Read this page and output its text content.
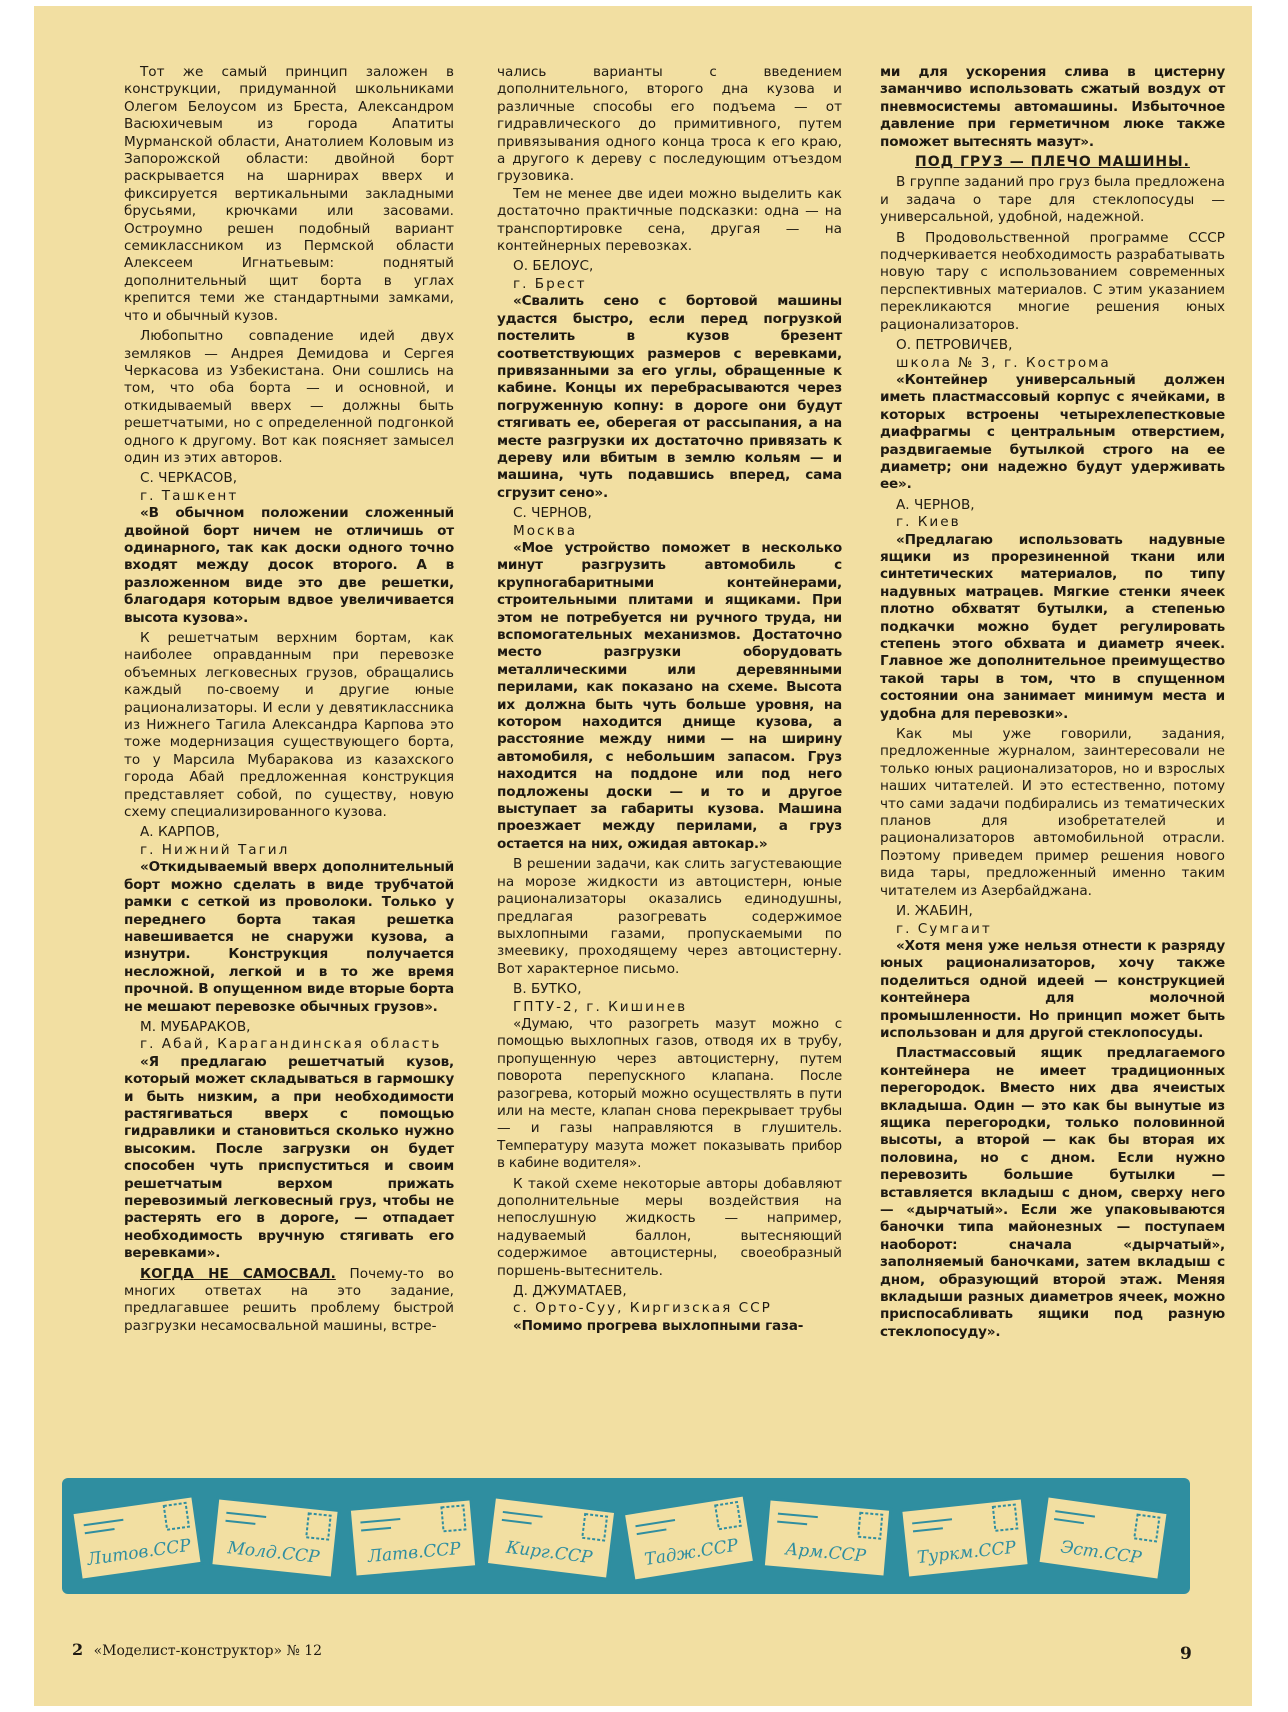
Тот же самый принцип заложен в конструкции, придуманной школьниками Олегом Белоусом из Бреста, Александром Васюхичевым из города Апатиты Мурманской области, Анатолием Коловым из Запорожской области: двойной борт раскрывается на шарнирах вверх и фиксируется вертикальными закладными брусьями, крючками или засовами. Остроумно решен подобный вариант семиклассником из Пермской области Алексеем Игнатьевым: поднятый дополнительный щит борта в углах крепится теми же стандартными замками, что и обычный кузов.

Любопытно совпадение идей двух земляков — Андрея Демидова и Сергея Черкасова из Узбекистана. Они сошлись на том, что оба борта — и основной, и откидываемый вверх — должны быть решетчатыми, но с определенной подгонкой одного к другому. Вот как поясняет замысел один из этих авторов.

С. ЧЕРКАСОВ,

г. Ташкент

«В обычном положении сложенный двойной борт ничем не отличишь от одинарного, так как доски одного точно входят между досок второго. А в разложенном виде это две решетки, благодаря которым вдвое увеличивается высота кузова».

К решетчатым верхним бортам, как наиболее оправданным при перевозке объемных легковесных грузов, обращались каждый по-своему и другие юные рационализаторы. И если у девятиклассника из Нижнего Тагила Александра Карпова это тоже модернизация существующего борта, то у Марсила Мубаракова из казахского города Абай предложенная конструкция представляет собой, по существу, новую схему специализированного кузова.

А. КАРПОВ,

г. Нижний Тагил

«Откидываемый вверх дополнительный борт можно сделать в виде трубчатой рамки с сеткой из проволоки. Только у переднего борта такая решетка навешивается не снаружи кузова, а изнутри. Конструкция получается несложной, легкой и в то же время прочной. В опущенном виде вторые борта не мешают перевозке обычных грузов».

М. МУБАРАКОВ,

г. Абай, Карагандинская область

«Я предлагаю решетчатый кузов, который может складываться в гармошку и быть низким, а при необходимости растягиваться вверх с помощью гидравлики и становиться сколько нужно высоким. После загрузки он будет способен чуть приспуститься и своим решетчатым верхом прижать перевозимый легковесный груз, чтобы не растерять его в дороге, — отпадает необходимость вручную стягивать его веревками».

КОГДА НЕ САМОСВАЛ. Почему-то во многих ответах на это задание, предлагавшее решить проблему быстрой разгрузки несамосвальной машины, встре-

чались варианты с введением дополнительного, второго дна кузова и различные способы его подъема — от гидравлического до примитивного, путем привязывания одного конца троса к его краю, а другого к дереву с последующим отъездом грузовика.

Тем не менее две идеи можно выделить как достаточно практичные подсказки: одна — на транспортировке сена, другая — на контейнерных перевозках.

О. БЕЛОУС,

г. Брест

«Свалить сено с бортовой машины удастся быстро, если перед погрузкой постелить в кузов брезент соответствующих размеров с веревками, привязанными за его углы, обращенные к кабине. Концы их перебрасываются через погруженную копну: в дороге они будут стягивать ее, оберегая от рассыпания, а на месте разгрузки их достаточно привязать к дереву или вбитым в землю кольям — и машина, чуть подавшись вперед, сама сгрузит сено».

С. ЧЕРНОВ,

Москва

«Мое устройство поможет в несколько минут разгрузить автомобиль с крупногабаритными контейнерами, строительными плитами и ящиками. При этом не потребуется ни ручного труда, ни вспомогательных механизмов. Достаточно место разгрузки оборудовать металлическими или деревянными перилами, как показано на схеме. Высота их должна быть чуть больше уровня, на котором находится днище кузова, а расстояние между ними — на ширину автомобиля, с небольшим запасом. Груз находится на поддоне или под него подложены доски — и то и другое выступает за габариты кузова. Машина проезжает между перилами, а груз остается на них, ожидая автокар.»

В решении задачи, как слить загустевающие на морозе жидкости из автоцистерн, юные рационализаторы оказались единодушны, предлагая разогревать содержимое выхлопными газами, пропускаемыми по змеевику, проходящему через автоцистерну. Вот характерное письмо.

В. БУТКО,

ГПТУ-2, г. Кишинев

«Думаю, что разогреть мазут можно с помощью выхлопных газов, отводя их в трубу, пропущенную через автоцистерну, путем поворота перепускного клапана. После разогрева, который можно осуществлять в пути или на месте, клапан снова перекрывает трубы — и газы направляются в глушитель. Температуру мазута может показывать прибор в кабине водителя».

К такой схеме некоторые авторы добавляют дополнительные меры воздействия на непослушную жидкость — например, надуваемый баллон, вытесняющий содержимое автоцистерны, своеобразный поршень-вытеснитель.

Д. ДЖУМАТАЕВ,

с. Орто-Суу, Киргизская ССР

«Помимо прогрева выхлопными газа-

ми для ускорения слива в цистерну заманчиво использовать сжатый воздух от пневмосистемы автомашины. Избыточное давление при герметичном люке также поможет вытеснять мазут».

ПОД ГРУЗ — ПЛЕЧО МАШИНЫ.

В группе заданий про груз была предложена и задача о таре для стеклопосуды — универсальной, удобной, надежной.

В Продовольственной программе СССР подчеркивается необходимость разрабатывать новую тару с использованием современных перспективных материалов. С этим указанием перекликаются многие решения юных рационализаторов.

О. ПЕТРОВИЧЕВ,

школа № 3, г. Кострома

«Контейнер универсальный должен иметь пластмассовый корпус с ячейками, в которых встроены четырехлепестковые диафрагмы с центральным отверстием, раздвигаемые бутылкой строго на ее диаметр; они надежно будут удерживать ее».

А. ЧЕРНОВ,

г. Киев

«Предлагаю использовать надувные ящики из прорезиненной ткани или синтетических материалов, по типу надувных матрацев. Мягкие стенки ячеек плотно обхватят бутылки, а степенью подкачки можно будет регулировать степень этого обхвата и диаметр ячеек. Главное же дополнительное преимущество такой тары в том, что в спущенном состоянии она занимает минимум места и удобна для перевозки».

Как мы уже говорили, задания, предложенные журналом, заинтересовали не только юных рационализаторов, но и взрослых наших читателей. И это естественно, потому что сами задачи подбирались из тематических планов для изобретателей и рационализаторов автомобильной отрасли. Поэтому приведем пример решения нового вида тары, предложенный именно таким читателем из Азербайджана.

И. ЖАБИН,

г. Сумгаит

«Хотя меня уже нельзя отнести к разряду юных рационализаторов, хочу также поделиться одной идеей — конструкцией контейнера для молочной промышленности. Но принцип может быть использован и для другой стеклопосуды.

Пластмассовый ящик предлагаемого контейнера не имеет традиционных перегородок. Вместо них два ячеистых вкладыша. Один — это как бы вынутые из ящика перегородки, только половинной высоты, а второй — как бы вторая их половина, но с дном. Если нужно перевозить большие бутылки — вставляется вкладыш с дном, сверху него — «дырчатый». Если же упаковываются баночки типа майонезных — поступаем наоборот: сначала «дырчатый», заполняемый баночками, затем вкладыш с дном, образующий второй этаж. Меняя вкладыши разных диаметров ячеек, можно приспосабливать ящики под разную стеклопосуду».

Литов.ССР Молд.ССР	Латв.ССР	Кирг.ССР	Тадж.ССР	Арм.ССР	Туркм.ССР Эст.ССР
2 «Моделист-конструктор» № 12	9
